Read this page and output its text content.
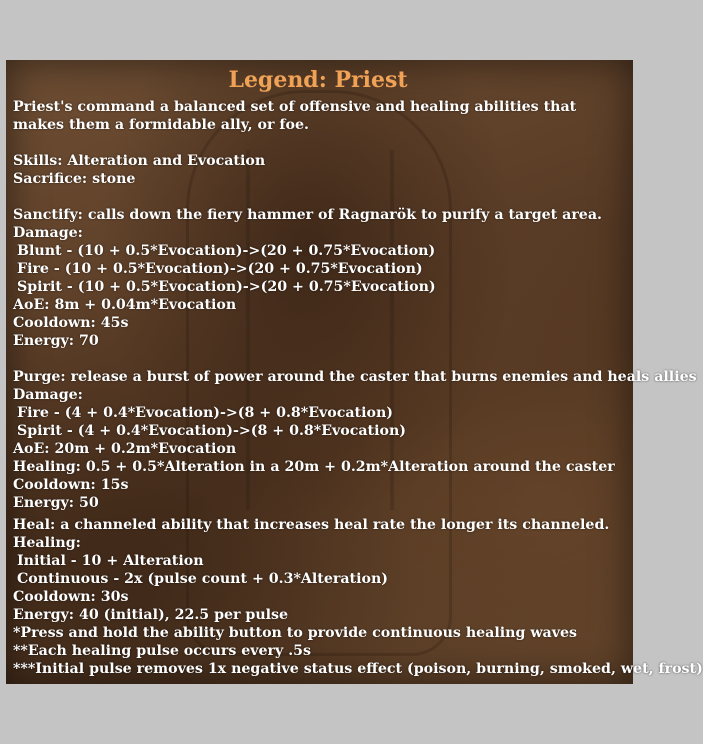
Legend: Priest
Priest's command a balanced set of offensive and healing abilities that makes them a formidable ally, or foe.
Skills: Alteration and Evocation
Sacrifice: stone
Sanctify: calls down the fiery hammer of Ragnarök to purify a target area.
Damage:
Blunt - (10 + 0.5*Evocation)->(20 + 0.75*Evocation)
Fire - (10 + 0.5*Evocation)->(20 + 0.75*Evocation)
Spirit - (10 + 0.5*Evocation)->(20 + 0.75*Evocation)
AoE: 8m + 0.04m*Evocation
Cooldown: 45s
Energy: 70
Purge: release a burst of power around the caster that burns enemies and heals allies
Damage:
Fire - (4 + 0.4*Evocation)->(8 + 0.8*Evocation)
Spirit - (4 + 0.4*Evocation)->(8 + 0.8*Evocation)
AoE: 20m + 0.2m*Evocation
Healing: 0.5 + 0.5*Alteration in a 20m + 0.2m*Alteration around the caster
Cooldown: 15s
Energy: 50
Heal: a channeled ability that increases heal rate the longer its channeled.
Healing:
Initial - 10 + Alteration
Continuous - 2x (pulse count + 0.3*Alteration)
Cooldown: 30s
Energy: 40 (initial), 22.5 per pulse
*Press and hold the ability button to provide continuous healing waves
**Each healing pulse occurs every .5s
***Initial pulse removes 1x negative status effect (poison, burning, smoked, wet, frost)
